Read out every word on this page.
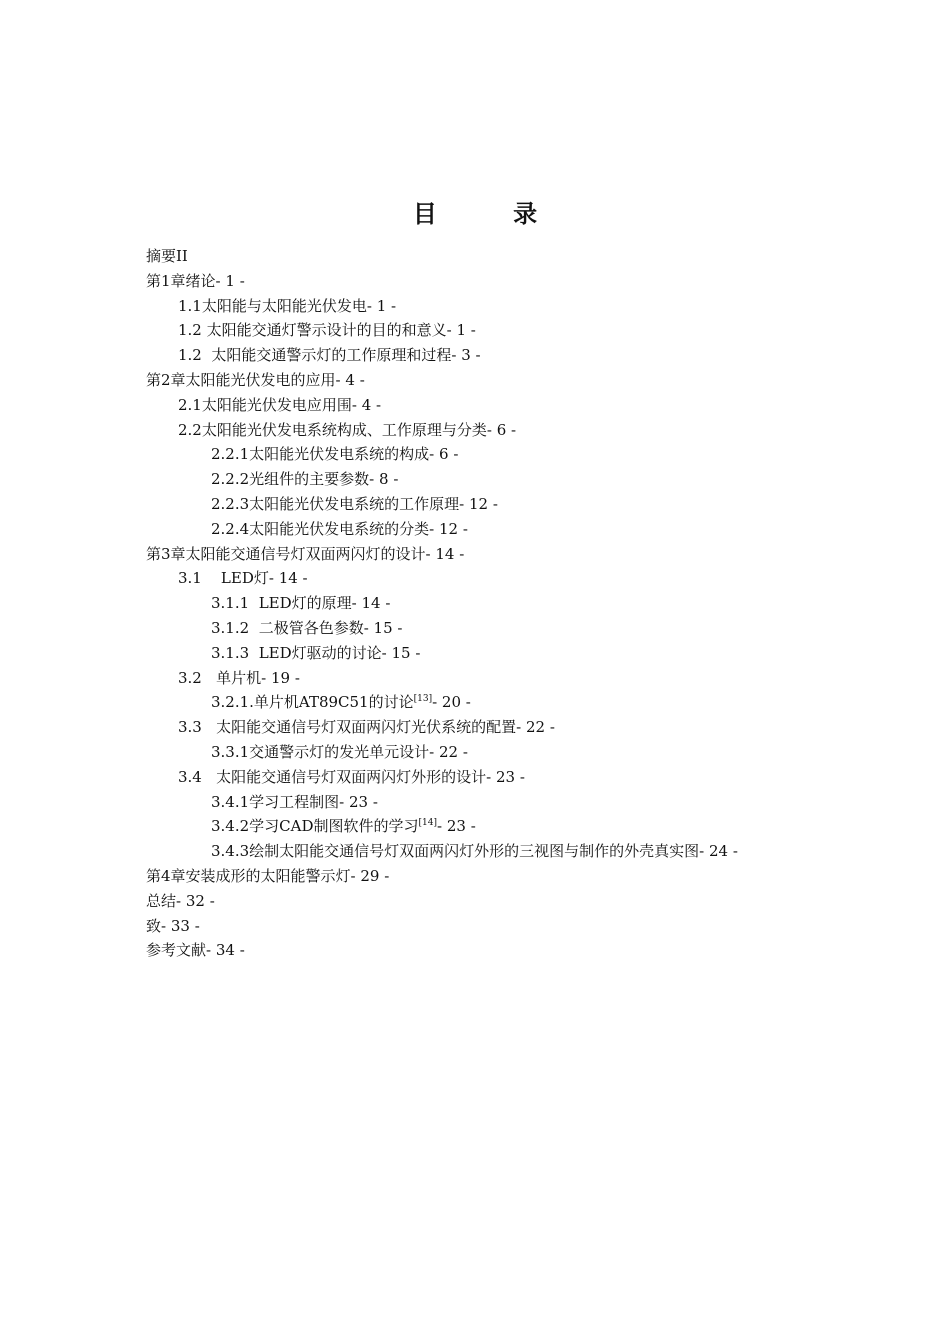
目 录
摘要II
第1章绪论- 1 -
1.1太阳能与太阳能光伏发电- 1 -
1.2 太阳能交通灯警示设计的目的和意义- 1 -
1.2  太阳能交通警示灯的工作原理和过程- 3 -
第2章太阳能光伏发电的应用- 4 -
2.1太阳能光伏发电应用围- 4 -
2.2太阳能光伏发电系统构成、工作原理与分类- 6 -
2.2.1太阳能光伏发电系统的构成- 6 -
2.2.2光组件的主要参数- 8 -
2.2.3太阳能光伏发电系统的工作原理- 12 -
2.2.4太阳能光伏发电系统的分类- 12 -
第3章太阳能交通信号灯双面两闪灯的设计- 14 -
3.1    LED灯- 14 -
3.1.1  LED灯的原理- 14 -
3.1.2  二极管各色参数- 15 -
3.1.3  LED灯驱动的讨论- 15 -
3.2   单片机- 19 -
3.2.1.单片机AT89C51的讨论[13]- 20 -
3.3   太阳能交通信号灯双面两闪灯光伏系统的配置- 22 -
3.3.1交通警示灯的发光单元设计- 22 -
3.4   太阳能交通信号灯双面两闪灯外形的设计- 23 -
3.4.1学习工程制图- 23 -
3.4.2学习CAD制图软件的学习[14]- 23 -
3.4.3绘制太阳能交通信号灯双面两闪灯外形的三视图与制作的外壳真实图- 24 -
第4章安装成形的太阳能警示灯- 29 -
总结- 32 -
致- 33 -
参考文献- 34 -
